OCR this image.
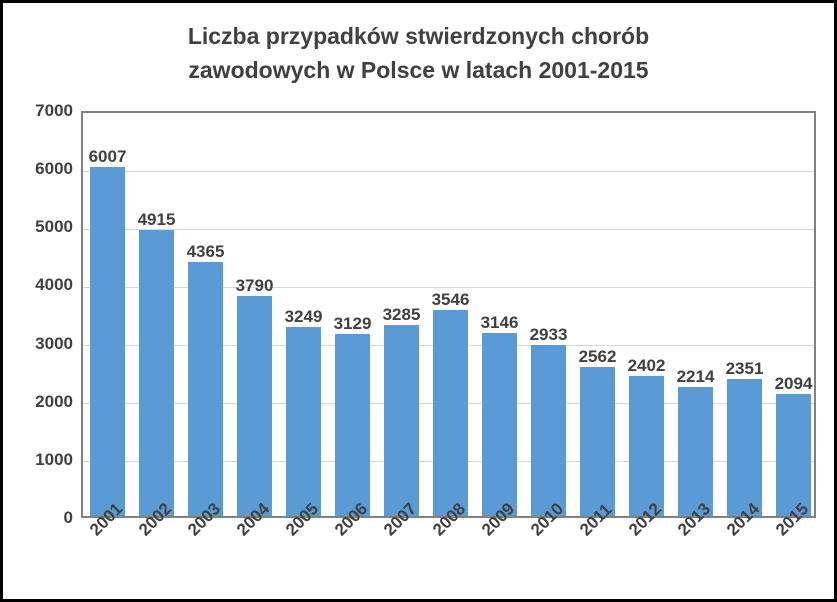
Liczba przypadków stwierdzonych chorób
zawodowych w Polsce w latach 2001-2015
0
1000
2000
3000
4000
5000
6000
7000
6007
4915
4365
3790
3249 3129 3285
3546
3146
2933
2562 2402
2214 2351
2094
2001 2002 2003 2004 2005 2006 2007 2008 2009 2010 2011 2012 2013 2014 2015
